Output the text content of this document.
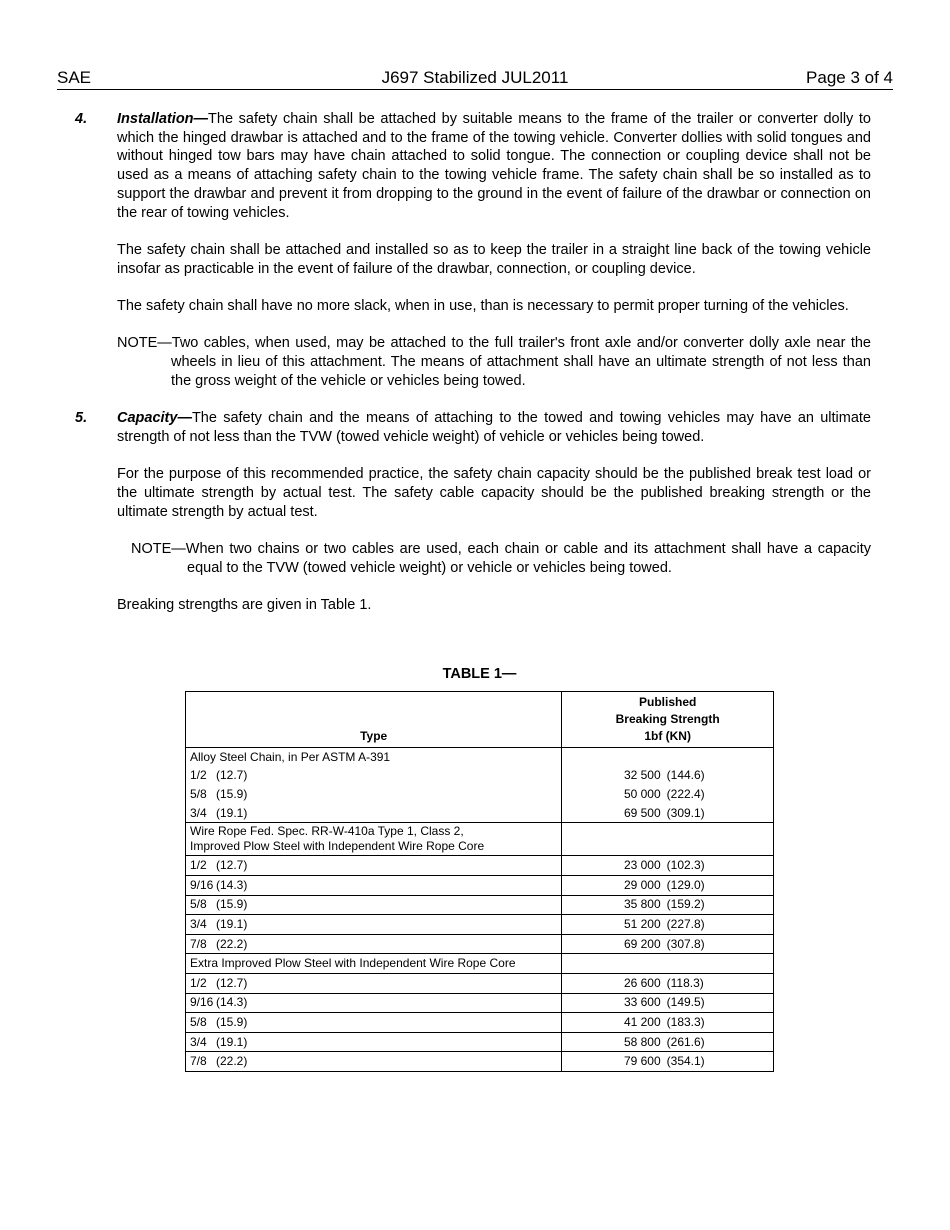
J697 Stabilized JUL2011
SAE	Page 3 of 4

4. Installation—The safety chain shall be attached by suitable means to the frame of the trailer or converter dolly to which the hinged drawbar is attached and to the frame of the towing vehicle. Converter dollies with solid tongues and without hinged tow bars may have chain attached to solid tongue. The connection or coupling device shall not be used as a means of attaching safety chain to the towing vehicle frame. The safety chain shall be so installed as to support the drawbar and prevent it from dropping to the ground in the event of failure of the drawbar or connection on the rear of towing vehicles.

The safety chain shall be attached and installed so as to keep the trailer in a straight line back of the towing vehicle insofar as practicable in the event of failure of the drawbar, connection, or coupling device.

The safety chain shall have no more slack, when in use, than is necessary to permit proper turning of the vehicles.

NOTE—Two cables, when used, may be attached to the full trailer's front axle and/or converter dolly axle near the wheels in lieu of this attachment. The means of attachment shall have an ultimate strength of not less than the gross weight of the vehicle or vehicles being towed.

5. Capacity—The safety chain and the means of attaching to the towed and towing vehicles may have an ultimate strength of not less than the TVW (towed vehicle weight) of vehicle or vehicles being towed.

For the purpose of this recommended practice, the safety chain capacity should be the published break test load or the ultimate strength by actual test. The safety cable capacity should be the published breaking strength or the ultimate strength by actual test.

NOTE—When two chains or two cables are used, each chain or cable and its attachment shall have a capacity equal to the TVW (towed vehicle weight) or vehicle or vehicles being towed.

Breaking strengths are given in Table 1.

TABLE 1—
Type	Published
Breaking Strength
1bf (KN)

Alloy Steel Chain, in Per ASTM A-391	
1/2 (12.7)	32 500 (144.6)
5/8 (15.9)	50 000 (222.4)
3/4 (19.1)	69 500 (309.1)

Wire Rope Fed. Spec. RR-W-410a Type 1, Class 2,
Improved Plow Steel with Independent Wire Rope Core	

1/2 (12.7)	23 000 (102.3)
9/16 (14.3)	29 000 (129.0)
5/8 (15.9)	35 800 (159.2)
3/4 (19.1)	51 200 (227.8)
7/8 (22.2)	69 200 (307.8)
Extra Improved Plow Steel with Independent Wire Rope Core	
1/2 (12.7)	26 600 (118.3)
9/16 (14.3)	33 600 (149.5)
5/8 (15.9)	41 200 (183.3)
3/4 (19.1)	58 800 (261.6)
7/8 (22.2)	79 600 (354.1)
